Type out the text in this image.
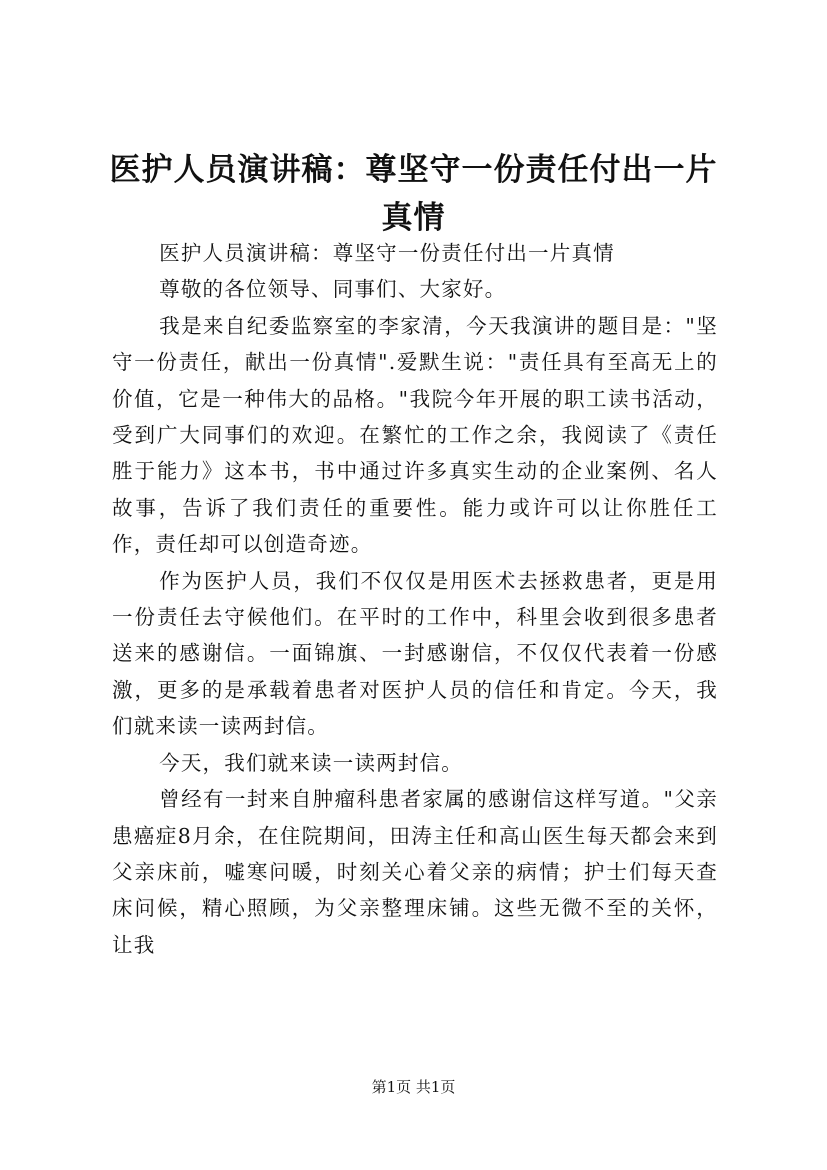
医护人员演讲稿：尊坚守一份责任付出一片真情

医护人员演讲稿：尊坚守一份责任付出一片真情

尊敬的各位领导、同事们、大家好。

我是来自纪委监察室的李家清，今天我演讲的题目是："坚守一份责任，献出一份真情".爱默生说："责任具有至高无上的价值，它是一种伟大的品格。"我院今年开展的职工读书活动，受到广大同事们的欢迎。在繁忙的工作之余，我阅读了《责任胜于能力》这本书，书中通过许多真实生动的企业案例、名人故事，告诉了我们责任的重要性。能力或许可以让你胜任工作，责任却可以创造奇迹。

作为医护人员，我们不仅仅是用医术去拯救患者，更是用一份责任去守候他们。在平时的工作中，科里会收到很多患者送来的感谢信。一面锦旗、一封感谢信，不仅仅代表着一份感激，更多的是承载着患者对医护人员的信任和肯定。今天，我们就来读一读两封信。

今天，我们就来读一读两封信。

曾经有一封来自肿瘤科患者家属的感谢信这样写道。"父亲患癌症8月余，在住院期间，田涛主任和高山医生每天都会来到父亲床前，嘘寒问暖，时刻关心着父亲的病情；护士们每天查床问候，精心照顾，为父亲整理床铺。这些无微不至的关怀，让我

第1页 共1页
